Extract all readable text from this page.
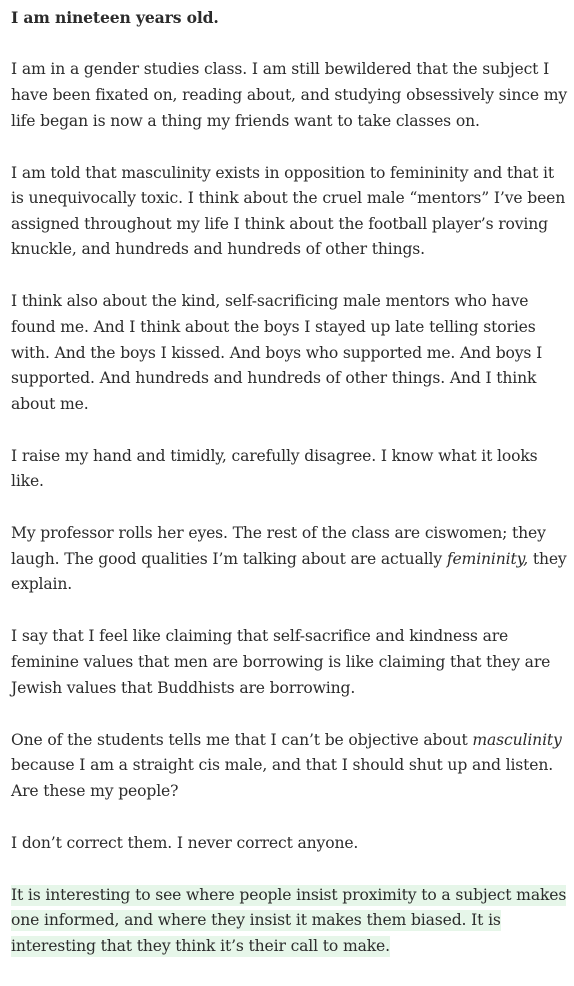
I am nineteen years old.

I am in a gender studies class. I am still bewildered that the subject I have been fixated on, reading about, and studying obsessively since my life began is now a thing my friends want to take classes on.

I am told that masculinity exists in opposition to femininity and that it is unequivocally toxic. I think about the cruel male “mentors” I’ve been assigned throughout my life I think about the football player’s roving knuckle, and hundreds and hundreds of other things.

I think also about the kind, self-sacrificing male mentors who have found me. And I think about the boys I stayed up late telling stories with. And the boys I kissed. And boys who supported me. And boys I supported. And hundreds and hundreds of other things. And I think about me.

I raise my hand and timidly, carefully disagree. I know what it looks like.

My professor rolls her eyes. The rest of the class are ciswomen; they laugh. The good qualities I’m talking about are actually femininity, they explain.

I say that I feel like claiming that self-sacrifice and kindness are feminine values that men are borrowing is like claiming that they are Jewish values that Buddhists are borrowing.

One of the students tells me that I can’t be objective about masculinity because I am a straight cis male, and that I should shut up and listen. Are these my people?

I don’t correct them. I never correct anyone.

It is interesting to see where people insist proximity to a subject makes one informed, and where they insist it makes them biased. It is interesting that they think it’s their call to make.
